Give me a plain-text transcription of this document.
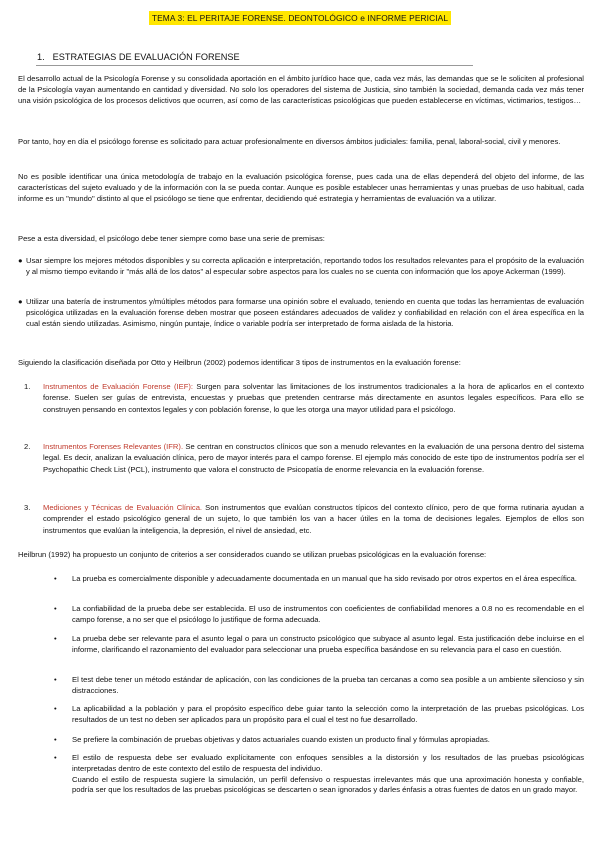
TEMA 3: EL PERITAJE FORENSE. DEONTOLÓGICO e INFORME PERICIAL
1. ESTRATEGIAS DE EVALUACIÓN FORENSE
El desarrollo actual de la Psicología Forense y su consolidada aportación en el ámbito jurídico hace que, cada vez más, las demandas que se le soliciten al profesional de la Psicología vayan aumentando en cantidad y diversidad. No solo los operadores del sistema de Justicia, sino también la sociedad, demanda cada vez más tener una visión psicológica de los procesos delictivos que ocurren, así como de las características psicológicas que pueden establecerse en víctimas, victimarios, testigos…
Por tanto, hoy en día el psicólogo forense es solicitado para actuar profesionalmente en diversos ámbitos judiciales: familia, penal, laboral-social, civil y menores.
No es posible identificar una única metodología de trabajo en la evaluación psicológica forense, pues cada una de ellas dependerá del objeto del informe, de las características del sujeto evaluado y de la información con la se pueda contar. Aunque es posible establecer unas herramientas y unas pruebas de uso habitual, cada informe es un "mundo" distinto al que el psicólogo se tiene que enfrentar, decidiendo qué estrategia y herramientas de evaluación va a utilizar.
Pese a esta diversidad, el psicólogo debe tener siempre como base una serie de premisas:
● Usar siempre los mejores métodos disponibles y su correcta aplicación e interpretación, reportando todos los resultados relevantes para el propósito de la evaluación y al mismo tiempo evitando ir "más allá de los datos" al especular sobre aspectos para los cuales no se cuenta con información que los apoye Ackerman (1999).
● Utilizar una batería de instrumentos y/múltiples métodos para formarse una opinión sobre el evaluado, teniendo en cuenta que todas las herramientas de evaluación psicológica utilizadas en la evaluación forense deben mostrar que poseen estándares adecuados de validez y confiabilidad en relación con el área específica en la cual están siendo utilizadas. Asimismo, ningún puntaje, índice o variable podría ser interpretado de forma aislada de la historia.
Siguiendo la clasificación diseñada por Otto y Heilbrun (2002) podemos identificar 3 tipos de instrumentos en la evaluación forense:
1. Instrumentos de Evaluación Forense (IEF): Surgen para solventar las limitaciones de los instrumentos tradicionales a la hora de aplicarlos en el contexto forense. Suelen ser guías de entrevista, encuestas y pruebas que pretenden centrarse más directamente en asuntos legales específicos. Para ello se construyen pensando en contextos legales y con población forense, lo que les otorga una mayor utilidad para el psicólogo.
2. Instrumentos Forenses Relevantes (IFR). Se centran en constructos clínicos que son a menudo relevantes en la evaluación de una persona dentro del sistema legal. Es decir, analizan la evaluación clínica, pero de mayor interés para el campo forense. El ejemplo más conocido de este tipo de instrumentos podría ser el Psychopathic Check List (PCL), instrumento que valora el constructo de Psicopatía de enorme relevancia en la evaluación forense.
3. Mediciones y Técnicas de Evaluación Clínica. Son instrumentos que evalúan constructos típicos del contexto clínico, pero de que forma rutinaria ayudan a comprender el estado psicológico general de un sujeto, lo que también los van a hacer útiles en la toma de decisiones legales. Ejemplos de ellos son instrumentos que evalúan la inteligencia, la depresión, el nivel de ansiedad, etc.
Heilbrun (1992) ha propuesto un conjunto de criterios a ser considerados cuando se utilizan pruebas psicológicas en la evaluación forense:
• La prueba es comercialmente disponible y adecuadamente documentada en un manual que ha sido revisado por otros expertos en el área específica.
• La confiabilidad de la prueba debe ser establecida. El uso de instrumentos con coeficientes de confiabilidad menores a 0.8 no es recomendable en el campo forense, a no ser que el psicólogo lo justifique de forma adecuada.
• La prueba debe ser relevante para el asunto legal o para un constructo psicológico que subyace al asunto legal. Esta justificación debe incluirse en el informe, clarificando el razonamiento del evaluador para seleccionar una prueba específica basándose en su relevancia para el caso en cuestión.
• El test debe tener un método estándar de aplicación, con las condiciones de la prueba tan cercanas a como sea posible a un ambiente silencioso y sin distracciones.
• La aplicabilidad a la población y para el propósito específico debe guiar tanto la selección como la interpretación de las pruebas psicológicas. Los resultados de un test no deben ser aplicados para un propósito para el cual el test no fue desarrollado.
• Se prefiere la combinación de pruebas objetivas y datos actuariales cuando existen un producto final y fórmulas apropiadas.
• El estilo de respuesta debe ser evaluado explícitamente con enfoques sensibles a la distorsión y los resultados de las pruebas psicológicas interpretadas dentro de este contexto del estilo de respuesta del individuo.
Cuando el estilo de respuesta sugiere la simulación, un perfil defensivo o respuestas irrelevantes más que una aproximación honesta y confiable, podría ser que los resultados de las pruebas psicológicas se descarten o sean ignorados y darles énfasis a otras fuentes de datos en un grado mayor.
